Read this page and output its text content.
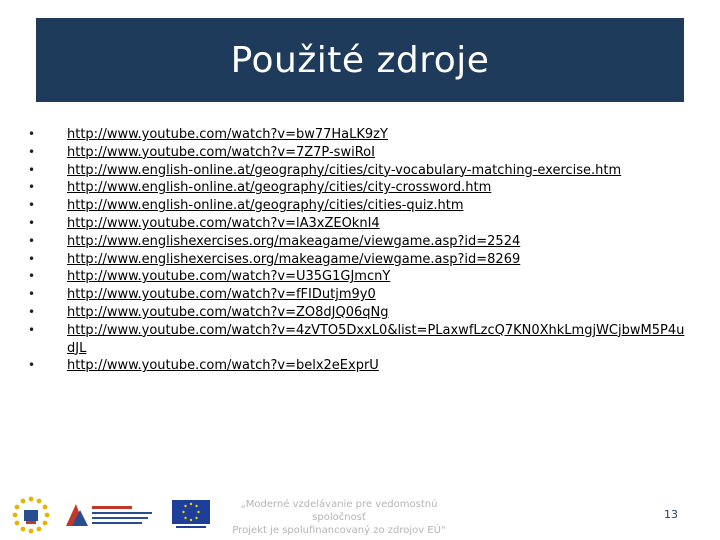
Použité zdroje
• http://www.youtube.com/watch?v=bw77HaLK9zY
• http://www.youtube.com/watch?v=7Z7P-swiRoI
• http://www.english-online.at/geography/cities/city-vocabulary-matching-exercise.htm
• http://www.english-online.at/geography/cities/city-crossword.htm
• http://www.english-online.at/geography/cities/cities-quiz.htm
• http://www.youtube.com/watch?v=lA3xZEOknI4
• http://www.englishexercises.org/makeagame/viewgame.asp?id=2524
• http://www.englishexercises.org/makeagame/viewgame.asp?id=8269
• http://www.youtube.com/watch?v=U35G1GJmcnY
• http://www.youtube.com/watch?v=fFIDutjm9y0
• http://www.youtube.com/watch?v=ZO8dJQ06qNg
• http://www.youtube.com/watch?v=4zVTO5DxxL0&list=PLaxwfLzcQ7KN0XhkLmgjWCjbwM5P4udJL
• http://www.youtube.com/watch?v=belx2eExprU
„Moderné vzdelávanie pre vedomostnú spoločnosť
Projekt je spolufinancovaný zo zdrojov EÚ"
13
